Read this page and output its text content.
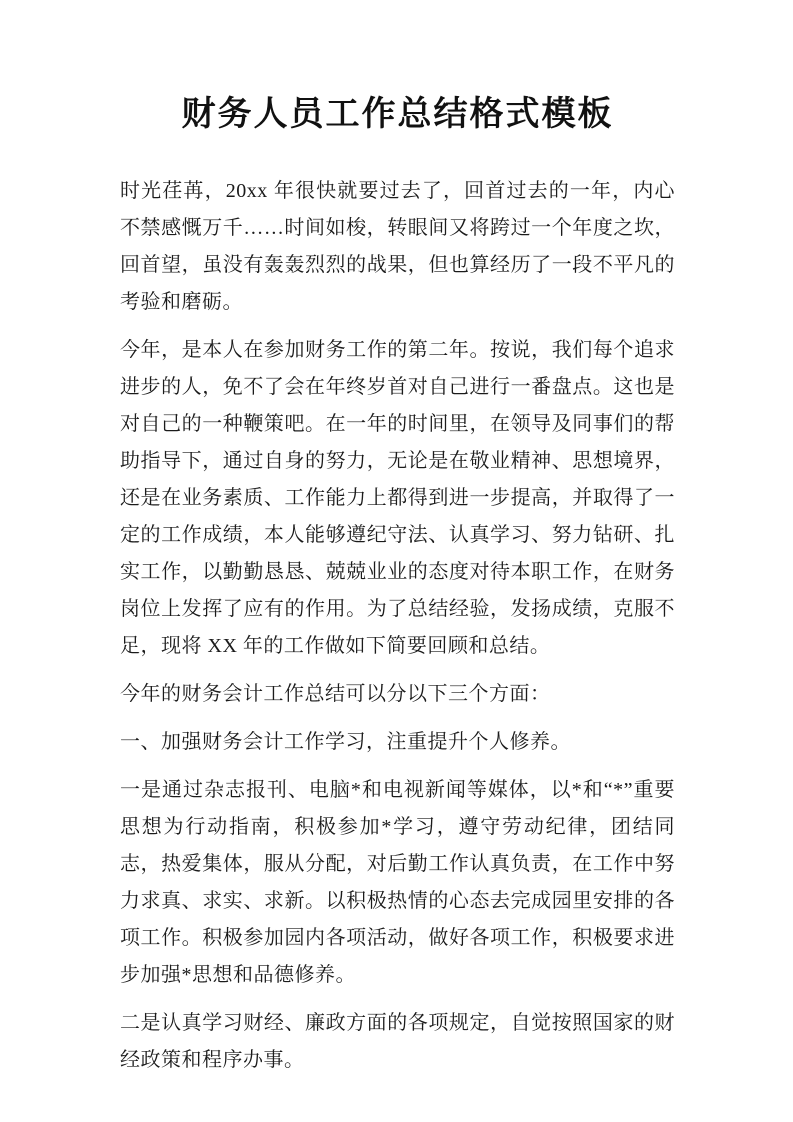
财务人员工作总结格式模板

时光荏苒，20xx 年很快就要过去了，回首过去的一年，内心不禁感慨万千……时间如梭，转眼间又将跨过一个年度之坎，回首望，虽没有轰轰烈烈的战果，但也算经历了一段不平凡的考验和磨砺。

今年，是本人在参加财务工作的第二年。按说，我们每个追求进步的人，免不了会在年终岁首对自己进行一番盘点。这也是对自己的一种鞭策吧。在一年的时间里，在领导及同事们的帮助指导下，通过自身的努力，无论是在敬业精神、思想境界，还是在业务素质、工作能力上都得到进一步提高，并取得了一定的工作成绩，本人能够遵纪守法、认真学习、努力钻研、扎实工作，以勤勤恳恳、兢兢业业的态度对待本职工作，在财务岗位上发挥了应有的作用。为了总结经验，发扬成绩，克服不足，现将 XX 年的工作做如下简要回顾和总结。

今年的财务会计工作总结可以分以下三个方面：

一、加强财务会计工作学习，注重提升个人修养。

一是通过杂志报刊、电脑*和电视新闻等媒体，以*和“*”重要思想为行动指南，积极参加*学习，遵守劳动纪律，团结同志，热爱集体，服从分配，对后勤工作认真负责，在工作中努力求真、求实、求新。以积极热情的心态去完成园里安排的各项工作。积极参加园内各项活动，做好各项工作，积极要求进步加强*思想和品德修养。

二是认真学习财经、廉政方面的各项规定，自觉按照国家的财经政策和程序办事。
